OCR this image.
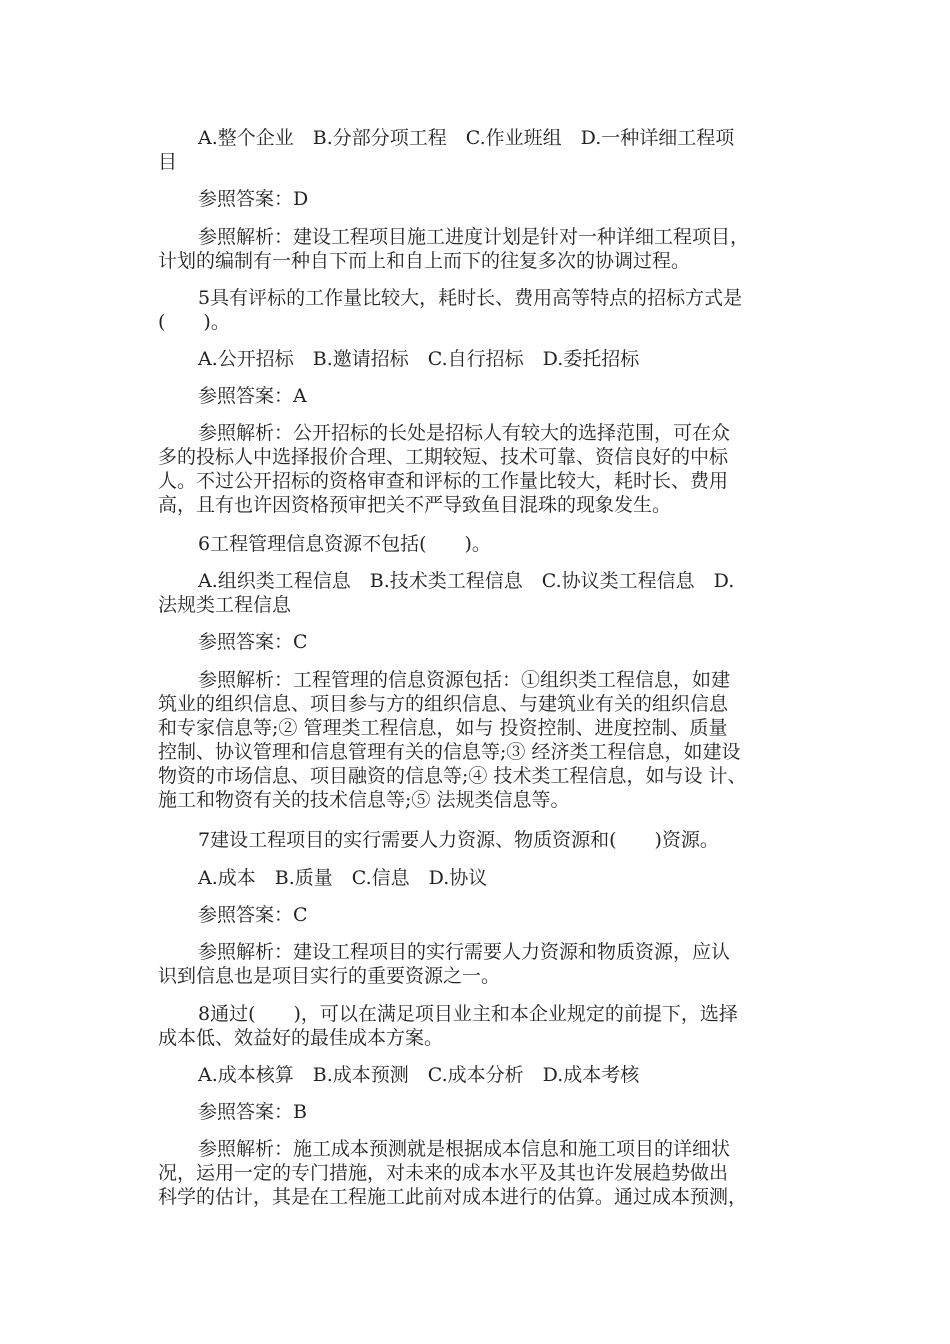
A.整个企业　B.分部分项工程　C.作业班组　D.一种详细工程项
目
参照答案：D
参照解析：建设工程项目施工进度计划是针对一种详细工程项目，
计划的编制有一种自下而上和自上而下的往复多次的协调过程。
5具有评标的工作量比较大，耗时长、费用高等特点的招标方式是
(　　)。
A.公开招标　B.邀请招标　C.自行招标　D.委托招标
参照答案：A
参照解析：公开招标的长处是招标人有较大的选择范围，可在众
多的投标人中选择报价合理、工期较短、技术可靠、资信良好的中标
人。不过公开招标的资格审查和评标的工作量比较大，耗时长、费用
高，且有也许因资格预审把关不严导致鱼目混珠的现象发生。
6工程管理信息资源不包括(　　)。
A.组织类工程信息　B.技术类工程信息　C.协议类工程信息　D.
法规类工程信息
参照答案：C
参照解析：工程管理的信息资源包括：①组织类工程信息，如建
筑业的组织信息、项目参与方的组织信息、与建筑业有关的组织信息
和专家信息等;② 管理类工程信息，如与 投资控制、进度控制、质量
控制、协议管理和信息管理有关的信息等;③ 经济类工程信息，如建设
物资的市场信息、项目融资的信息等;④ 技术类工程信息，如与设 计、
施工和物资有关的技术信息等;⑤ 法规类信息等。
7建设工程项目的实行需要人力资源、物质资源和(　　)资源。
A.成本　B.质量　C.信息　D.协议
参照答案：C
参照解析：建设工程项目的实行需要人力资源和物质资源，应认
识到信息也是项目实行的重要资源之一。
8通过(　　)，可以在满足项目业主和本企业规定的前提下，选择
成本低、效益好的最佳成本方案。
A.成本核算　B.成本预测　C.成本分析　D.成本考核
参照答案：B
参照解析：施工成本预测就是根据成本信息和施工项目的详细状
况，运用一定的专门措施，对未来的成本水平及其也许发展趋势做出
科学的估计，其是在工程施工此前对成本进行的估算。通过成本预测，
